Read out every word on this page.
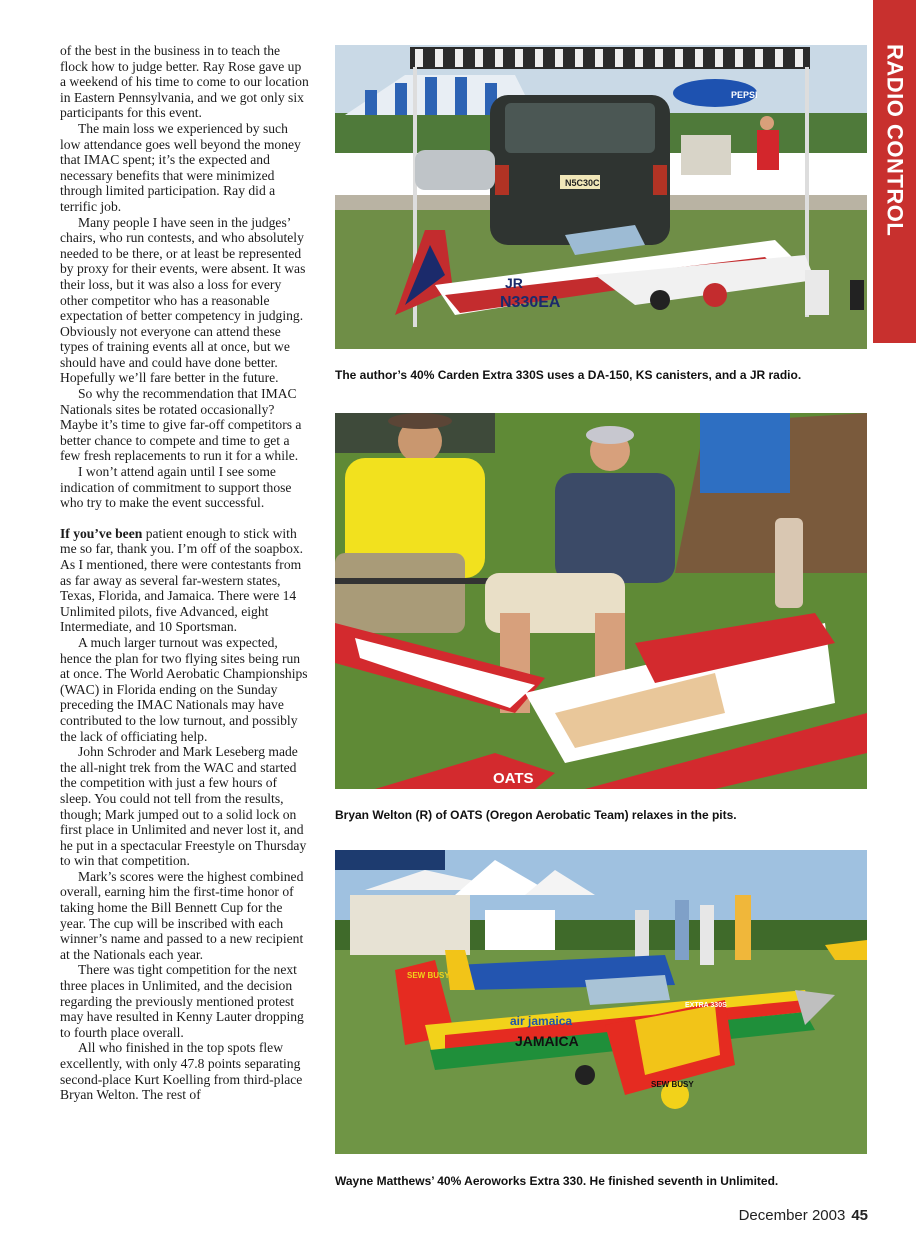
RADIO CONTROL

of the best in the business in to teach the flock how to judge better. Ray Rose gave up a weekend of his time to come to our location in Eastern Pennsylvania, and we got only six participants for this event.

The main loss we experienced by such low attendance goes well beyond the money that IMAC spent; it’s the expected and necessary benefits that were minimized through limited participation. Ray did a terrific job.

Many people I have seen in the judges’ chairs, who run contests, and who absolutely needed to be there, or at least be represented by proxy for their events, were absent. It was their loss, but it was also a loss for every other competitor who has a reasonable expectation of better competency in judging. Obviously not everyone can attend these types of training events all at once, but we should have and could have done better. Hopefully we’ll fare better in the future.

So why the recommendation that IMAC Nationals sites be rotated occasionally? Maybe it’s time to give far-off competitors a better chance to compete and time to get a few fresh replacements to run it for a while.

I won’t attend again until I see some indication of commitment to support those who try to make the event successful.

If you’ve been patient enough to stick with me so far, thank you. I’m off of the soapbox. As I mentioned, there were contestants from as far away as several far-western states, Texas, Florida, and Jamaica. There were 14 Unlimited pilots, five Advanced, eight Intermediate, and 10 Sportsman.

A much larger turnout was expected, hence the plan for two flying sites being run at once. The World Aerobatic Championships (WAC) in Florida ending on the Sunday preceding the IMAC Nationals may have contributed to the low turnout, and possibly the lack of officiating help.

John Schroder and Mark Leseberg made the all-night trek from the WAC and started the competition with just a few hours of sleep. You could not tell from the results, though; Mark jumped out to a solid lock on first place in Unlimited and never lost it, and he put in a spectacular Freestyle on Thursday to win that competition.

Mark’s scores were the highest combined overall, earning him the first-time honor of taking home the Bill Bennett Cup for the year. The cup will be inscribed with each winner’s name and passed to a new recipient at the Nationals each year.

There was tight competition for the next three places in Unlimited, and the decision regarding the previously mentioned protest may have resulted in Kenny Lauter dropping to fourth place overall.

All who finished in the top spots flew excellently, with only 47.8 points separating second-place Kurt Koelling from third-place Bryan Welton. The rest of

PEPSI
N5C30C
JR
N330EA
The author’s 40% Carden Extra 330S uses a DA-150, KS canisters, and a JR radio.
OATS
Bryan Welton (R) of OATS (Oregon Aerobatic Team) relaxes in the pits.
air jamaica
JAMAICA
SEW BUSY
SEW BUSY
EXTRA 330S
Wayne Matthews’ 40% Aeroworks Extra 330. He finished seventh in Unlimited.
December 2003 45
